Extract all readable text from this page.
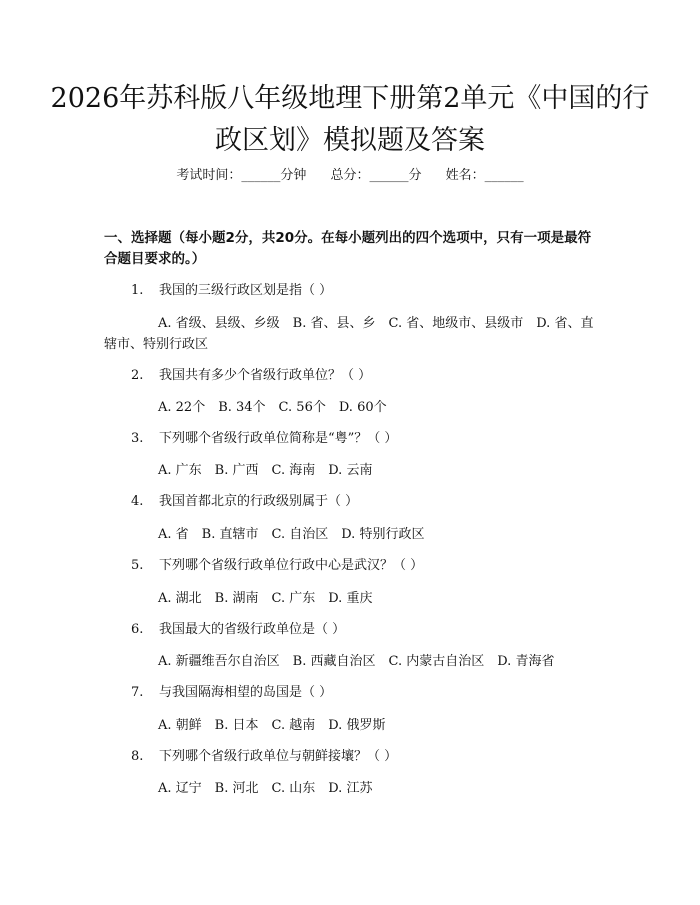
2026年苏科版八年级地理下册第2单元《中国的行政区划》模拟题及答案
考试时间：______分钟 总分：______分 姓名：______
一、选择题（每小题2分，共20分。在每小题列出的四个选项中，只有一项是最符合题目要求的。）
1. 我国的三级行政区划是指（ ）
A. 省级、县级、乡级　B. 省、县、乡　C. 省、地级市、县级市　D. 省、直辖市、特别行政区
2. 我国共有多少个省级行政单位？（ ）
A. 22个　B. 34个　C. 56个　D. 60个
3. 下列哪个省级行政单位简称是“粤”？（ ）
A. 广东　B. 广西　C. 海南　D. 云南
4. 我国首都北京的行政级别属于（ ）
A. 省　B. 直辖市　C. 自治区　D. 特别行政区
5. 下列哪个省级行政单位行政中心是武汉？（ ）
A. 湖北　B. 湖南　C. 广东　D. 重庆
6. 我国最大的省级行政单位是（ ）
A. 新疆维吾尔自治区　B. 西藏自治区　C. 内蒙古自治区　D. 青海省
7. 与我国隔海相望的岛国是（ ）
A. 朝鲜　B. 日本　C. 越南　D. 俄罗斯
8. 下列哪个省级行政单位与朝鲜接壤？（ ）
A. 辽宁　B. 河北　C. 山东　D. 江苏
